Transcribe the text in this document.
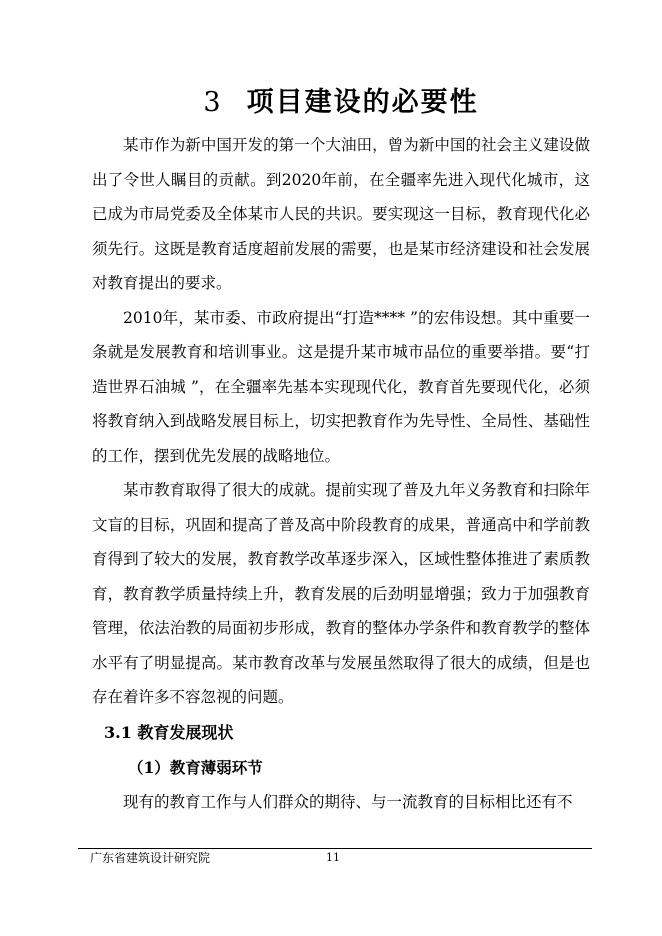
3 项目建设的必要性

某市作为新中国开发的第一个大油田，曾为新中国的社会主义建设做出了令世人瞩目的贡献。到2020年前，在全疆率先进入现代化城市，这已成为市局党委及全体某市人民的共识。要实现这一目标，教育现代化必须先行。这既是教育适度超前发展的需要，也是某市经济建设和社会发展对教育提出的要求。

2010年，某市委、市政府提出“打造**** ”的宏伟设想。其中重要一条就是发展教育和培训事业。这是提升某市城市品位的重要举措。要“打造世界石油城 ”，在全疆率先基本实现现代化，教育首先要现代化，必须将教育纳入到战略发展目标上，切实把教育作为先导性、全局性、基础性的工作，摆到优先发展的战略地位。

某市教育取得了很大的成就。提前实现了普及九年义务教育和扫除年文盲的目标，巩固和提高了普及高中阶段教育的成果，普通高中和学前教育得到了较大的发展，教育教学改革逐步深入，区域性整体推进了素质教育，教育教学质量持续上升，教育发展的后劲明显增强；致力于加强教育管理，依法治教的局面初步形成，教育的整体办学条件和教育教学的整体水平有了明显提高。某市教育改革与发展虽然取得了很大的成绩，但是也存在着许多不容忽视的问题。

3.1 教育发展现状
（1）教育薄弱环节

现有的教育工作与人们群众的期待、与一流教育的目标相比还有不

广东省建筑设计研究院	11
